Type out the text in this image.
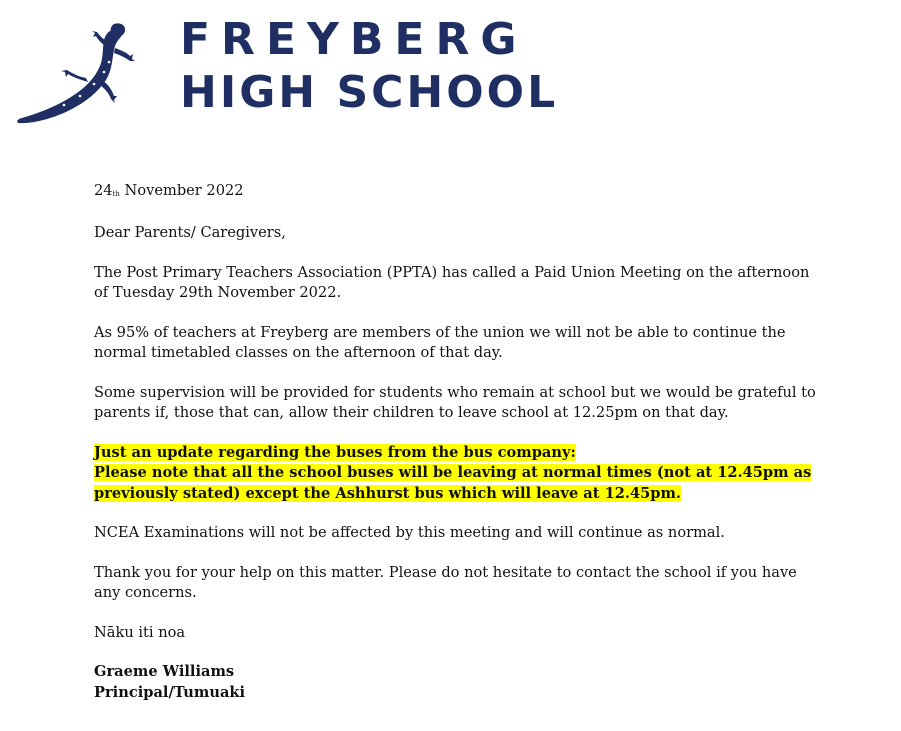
FREYBERG
HIGH SCHOOL

$24_{th}$ November 2022

Dear Parents/ Caregivers,

The Post Primary Teachers Association (PPTA) has called a Paid Union Meeting on the afternoon of Tuesday 29th November 2022.

As 95% of teachers at Freyberg are members of the union we will not be able to continue the normal timetabled classes on the afternoon of that day.

Some supervision will be provided for students who remain at school but we would be grateful to parents if, those that can, allow their children to leave school at 12.25pm on that day.

Just an update regarding the buses from the bus company:
Please note that all the school buses will be leaving at normal times (not at 12.45pm as previously stated) except the Ashhurst bus which will leave at 12.45pm.

NCEA Examinations will not be affected by this meeting and will continue as normal.

Thank you for your help on this matter. Please do not hesitate to contact the school if you have any concerns.

Nāku iti noa

Graeme Williams
Principal/Tumuaki
